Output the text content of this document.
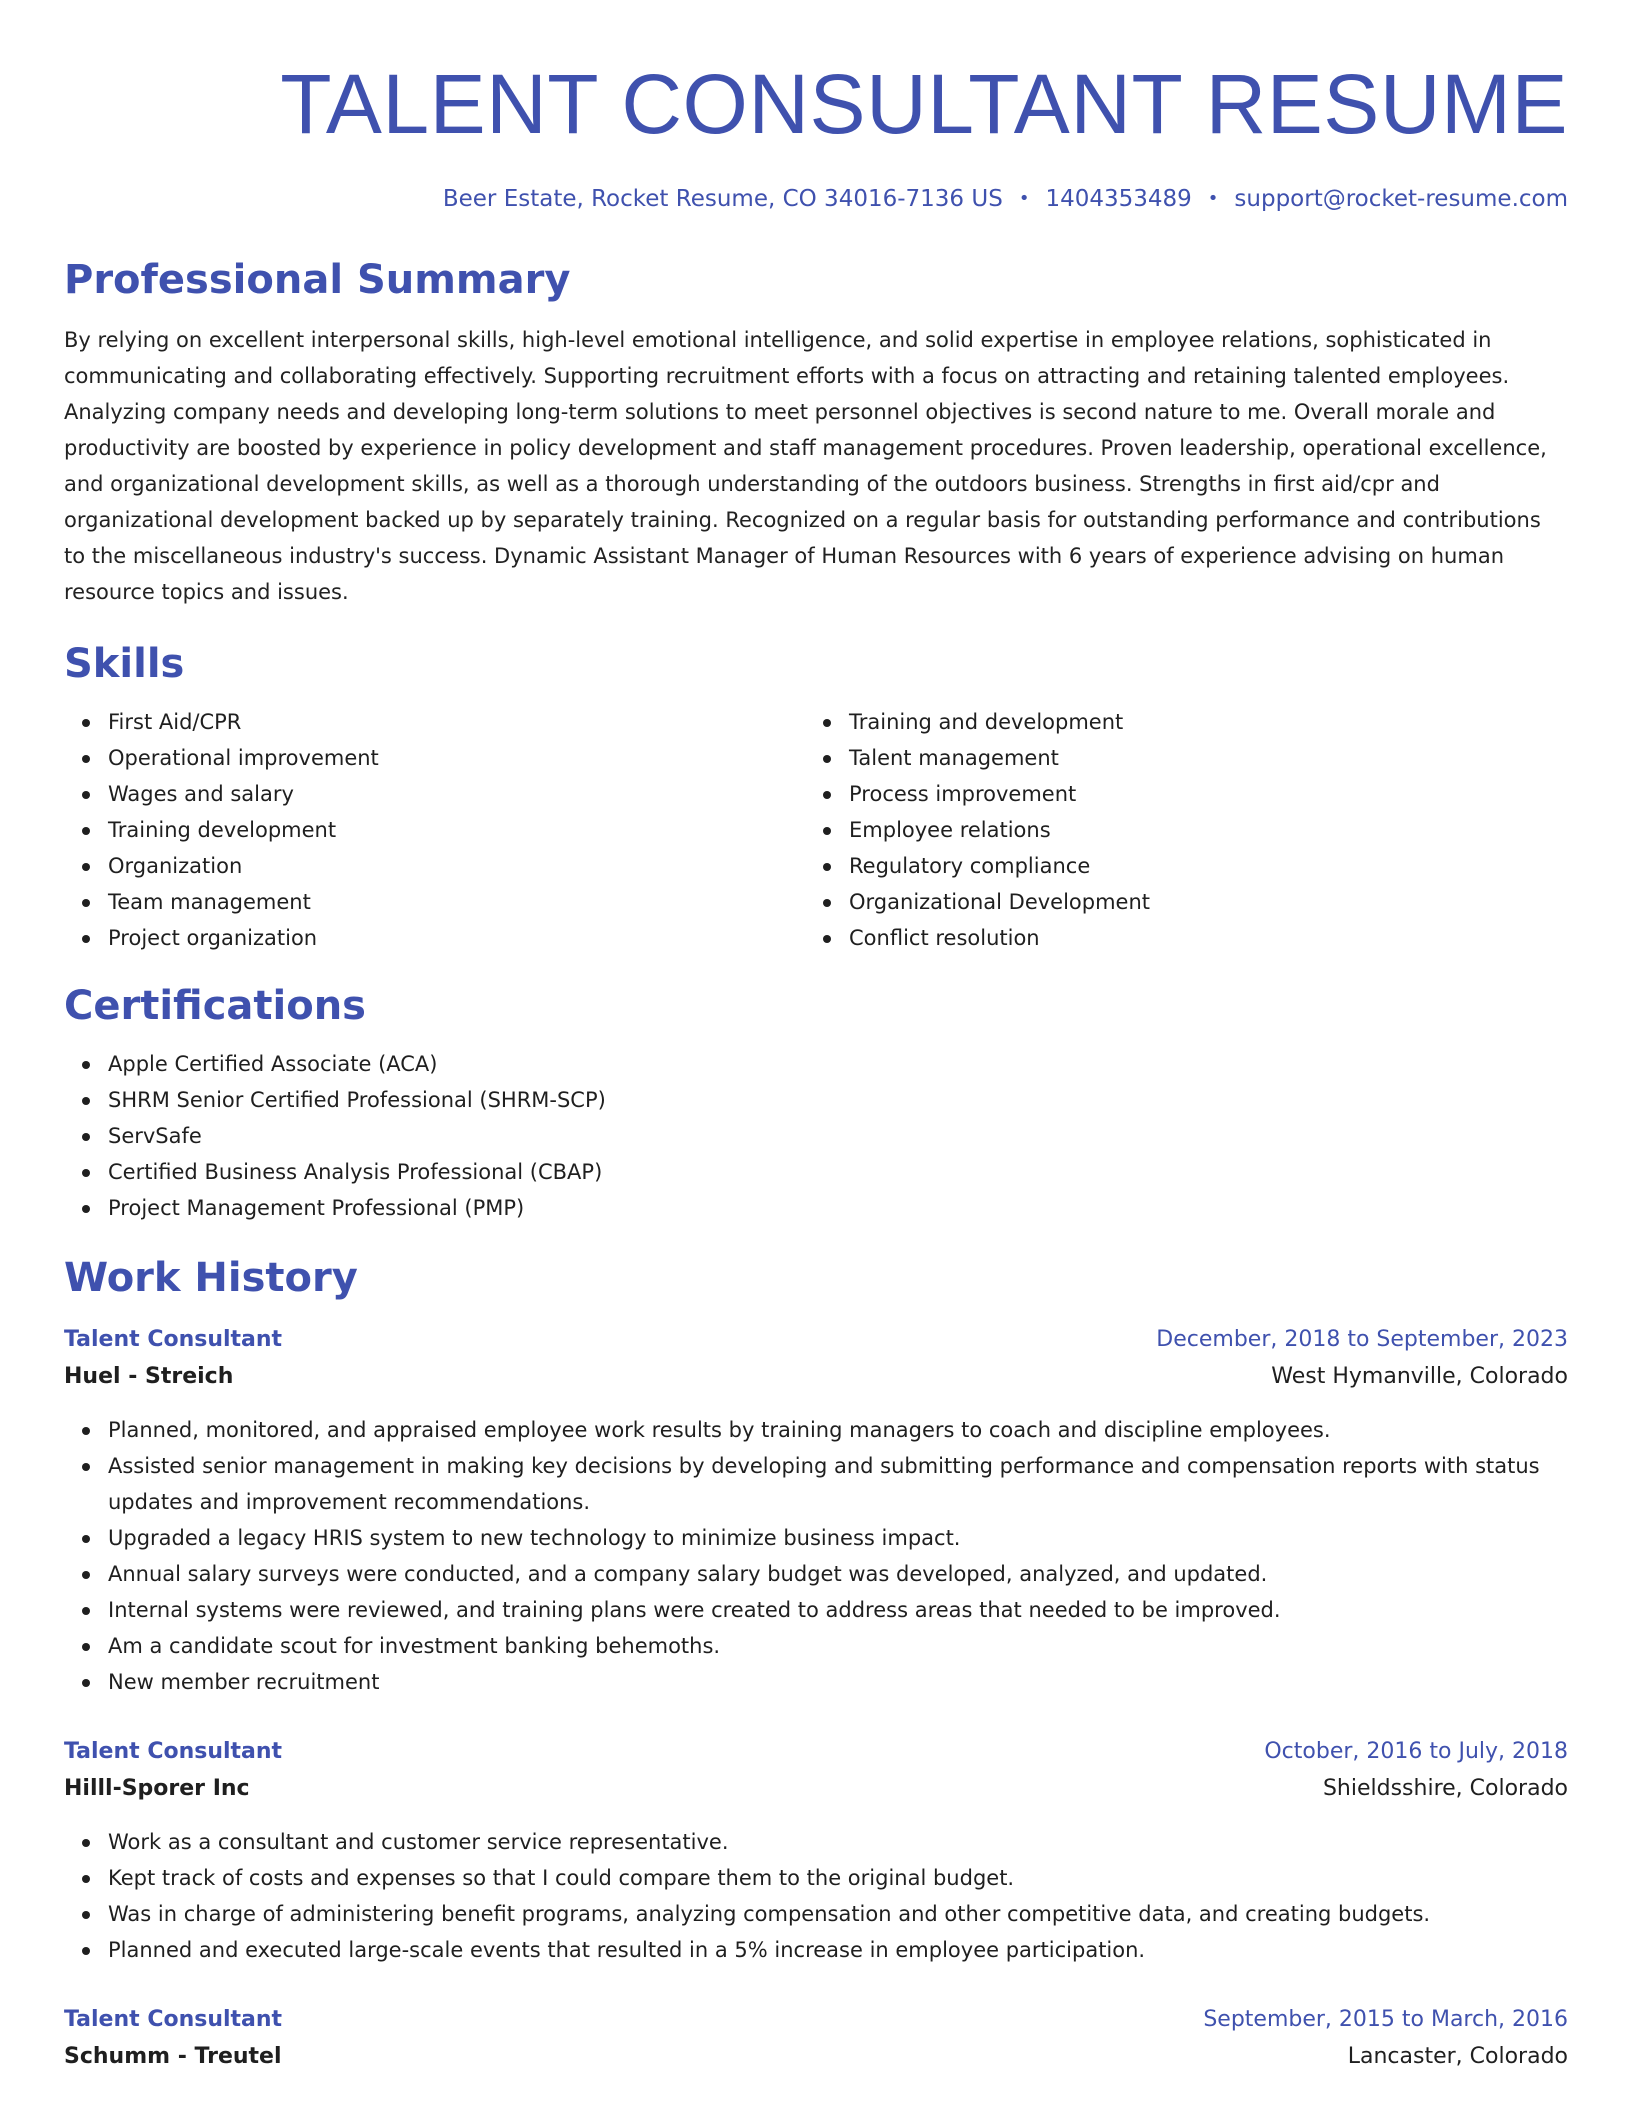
TALENT CONSULTANT RESUME
Beer Estate, Rocket Resume, CO 34016-7136 US • 1404353489 • support@rocket-resume.com
Professional Summary

By relying on excellent interpersonal skills, high-level emotional intelligence, and solid expertise in employee relations, sophisticated in communicating and collaborating effectively. Supporting recruitment efforts with a focus on attracting and retaining talented employees. Analyzing company needs and developing long-term solutions to meet personnel objectives is second nature to me. Overall morale and productivity are boosted by experience in policy development and staff management procedures. Proven leadership, operational excellence, and organizational development skills, as well as a thorough understanding of the outdoors business. Strengths in first aid/cpr and organizational development backed up by separately training. Recognized on a regular basis for outstanding performance and contributions to the miscellaneous industry's success. Dynamic Assistant Manager of Human Resources with 6 years of experience advising on human resource topics and issues.

Skills
First Aid/CPR
Operational improvement
Wages and salary
Training development
Organization
Team management
Project organization
Training and development
Talent management
Process improvement
Employee relations
Regulatory compliance
Organizational Development
Conflict resolution
Certifications
Apple Certified Associate (ACA)
SHRM Senior Certified Professional (SHRM-SCP)
ServSafe
Certified Business Analysis Professional (CBAP)
Project Management Professional (PMP)
Work History
Talent Consultant	December, 2018 to September, 2023
Huel - Streich	West Hymanville, Colorado
Planned, monitored, and appraised employee work results by training managers to coach and discipline employees.
Assisted senior management in making key decisions by developing and submitting performance and compensation reports with status updates and improvement recommendations.
Upgraded a legacy HRIS system to new technology to minimize business impact.
Annual salary surveys were conducted, and a company salary budget was developed, analyzed, and updated.
Internal systems were reviewed, and training plans were created to address areas that needed to be improved.
Am a candidate scout for investment banking behemoths.
New member recruitment
Talent Consultant	October, 2016 to July, 2018
Hilll-Sporer Inc	Shieldsshire, Colorado
Work as a consultant and customer service representative.
Kept track of costs and expenses so that I could compare them to the original budget.
Was in charge of administering benefit programs, analyzing compensation and other competitive data, and creating budgets.
Planned and executed large-scale events that resulted in a 5% increase in employee participation.
Talent Consultant	September, 2015 to March, 2016
Schumm - Treutel	Lancaster, Colorado
